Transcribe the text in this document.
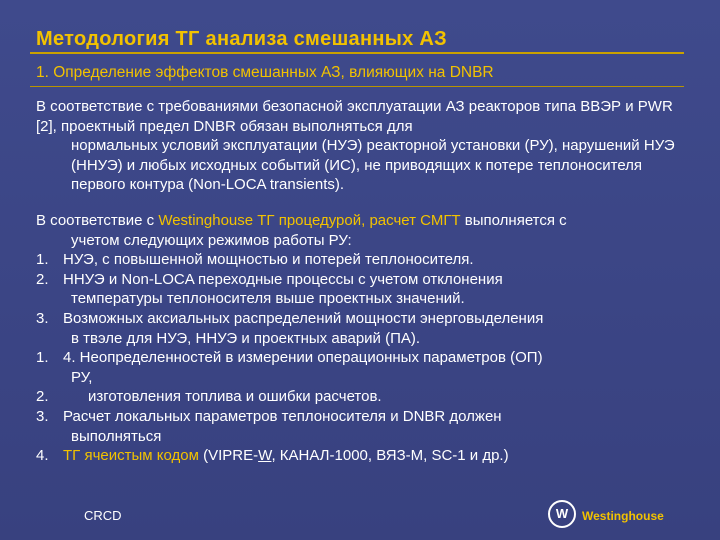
Методология ТГ анализа смешанных АЗ
1. Определение эффектов смешанных АЗ, влияющих на DNBR

В соответствие с требованиями безопасной эксплуатации АЗ реакторов типа ВВЭР и PWR [2], проектный предел DNBR обязан выполняться для
нормальных условий эксплуатации (НУЭ) реакторной установки (РУ), нарушений НУЭ (ННУЭ) и любых исходных событий (ИС), не приводящих к потере теплоносителя первого контура (Non-LOCA transients).

В соответствие с Westinghouse ТГ процедурой, расчет СМГТ выполняется с
учетом следующих режимов работы РУ:

1. НУЭ, с повышенной мощностью и потерей теплоносителя.
2. ННУЭ и Non-LOCA переходные процессы с учетом отклонения
температуры теплоносителя выше проектных значений.
3. Возможных аксиальных распределений мощности энерговыделения
в твэле для НУЭ, ННУЭ и проектных аварий (ПА).
1. 4. Неопределенностей в измерении операционных параметров (ОП)
РУ,
2. изготовления топлива и ошибки расчетов.
3. Расчет локальных параметров теплоносителя и DNBR должен
выполняться
4. ТГ ячеистым кодом (VIPRE-W, КАНАЛ-1000, ВЯЗ-М, SC-1 и др.)
CRCD	W	Westinghouse
